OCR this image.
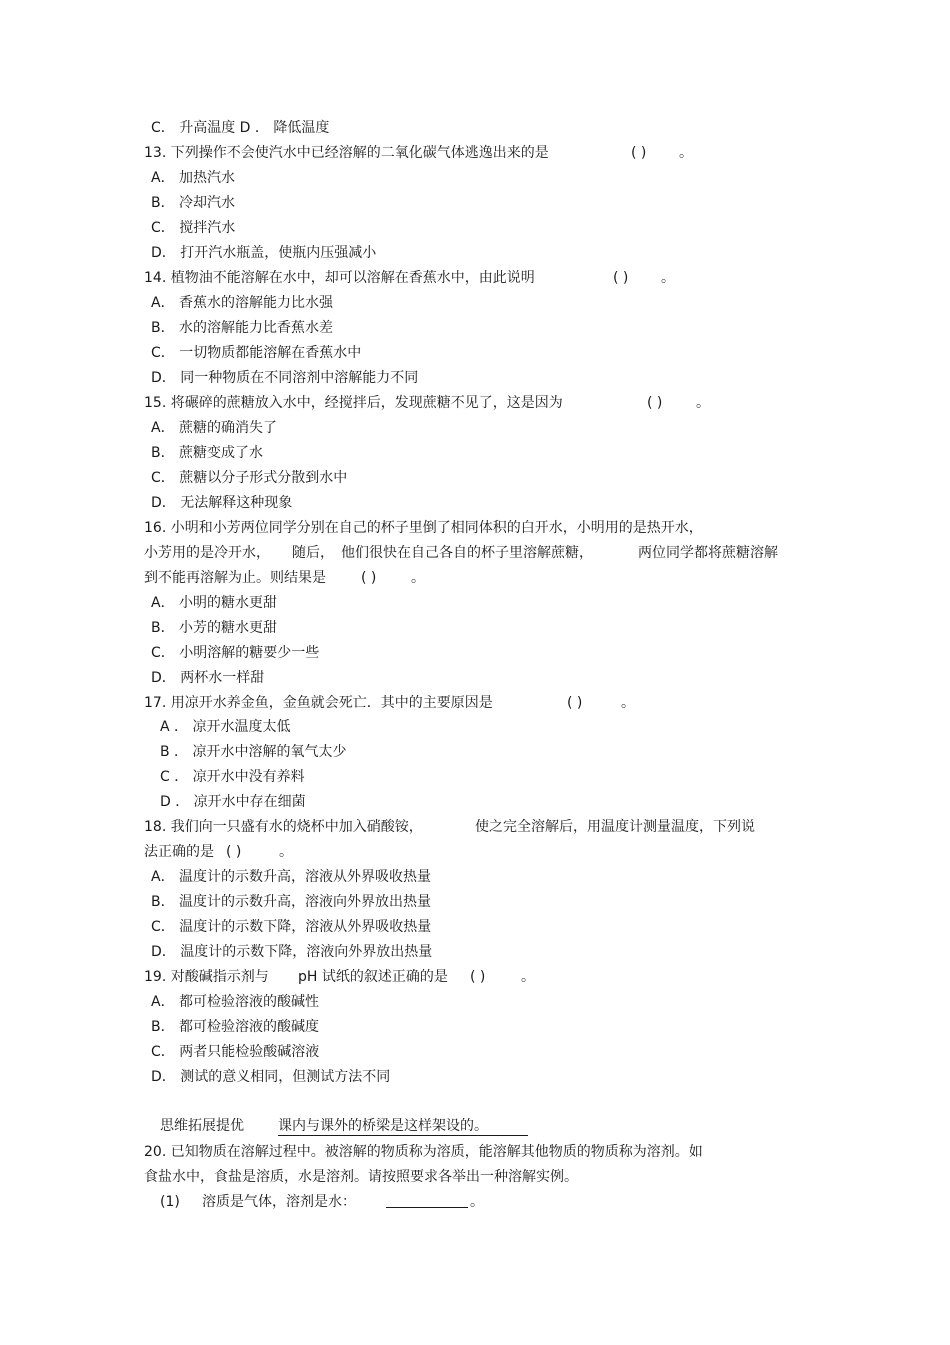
C． 升高温度 D ． 降低温度
13. 下列操作不会使汽水中已经溶解的二氧化碳气体逃逸出来的是	( ) 。
A． 加热汽水
B． 冷却汽水
C． 搅拌汽水
D． 打开汽水瓶盖，使瓶内压强减小
14. 植物油不能溶解在水中，却可以溶解在香蕉水中，由此说明	( ) 。
A． 香蕉水的溶解能力比水强
B． 水的溶解能力比香蕉水差
C． 一切物质都能溶解在香蕉水中
D． 同一种物质在不同溶剂中溶解能力不同
15. 将碾碎的蔗糖放入水中，经搅拌后，发现蔗糖不见了，这是因为	( ) 。
A． 蔗糖的确消失了
B． 蔗糖变成了水
C． 蔗糖以分子形式分散到水中
D． 无法解释这种现象
16. 小明和小芳两位同学分别在自己的杯子里倒了相同体积的白开水，小明用的是热开水，
小芳用的是冷开水， 随后， 他们很快在自己各自的杯子里溶解蔗糖，	两位同学都将蔗糖溶解
到不能再溶解为止。则结果是	( ) 。
A． 小明的糖水更甜
B． 小芳的糖水更甜
C． 小明溶解的糖要少一些
D． 两杯水一样甜
17. 用凉开水养金鱼，金鱼就会死亡．其中的主要原因是	( )	。
A ． 凉开水温度太低
B ． 凉开水中溶解的氧气太少
C ． 凉开水中没有养料
D ． 凉开水中存在细菌
18. 我们向一只盛有水的烧杯中加入硝酸铵，	使之完全溶解后，用温度计测量温度，下列说
法正确的是 ( )	。
A． 温度计的示数升高，溶液从外界吸收热量
B． 温度计的示数升高，溶液向外界放出热量
C． 温度计的示数下降，溶液从外界吸收热量
D． 温度计的示数下降，溶液向外界放出热量
19. 对酸碱指示剂与 pH 试纸的叙述正确的是 ( )	。
A． 都可检验溶液的酸碱性
B． 都可检验溶液的酸碱度
C． 两者只能检验酸碱溶液
D． 测试的意义相同，但测试方法不同
思维拓展提优 课内与课外的桥梁是这样架设的。
20. 已知物质在溶解过程中。被溶解的物质称为溶质，能溶解其他物质的物质称为溶剂。如
食盐水中，食盐是溶质，水是溶剂。请按照要求各举出一种溶解实例。
(1) 溶质是气体，溶剂是水：	。
